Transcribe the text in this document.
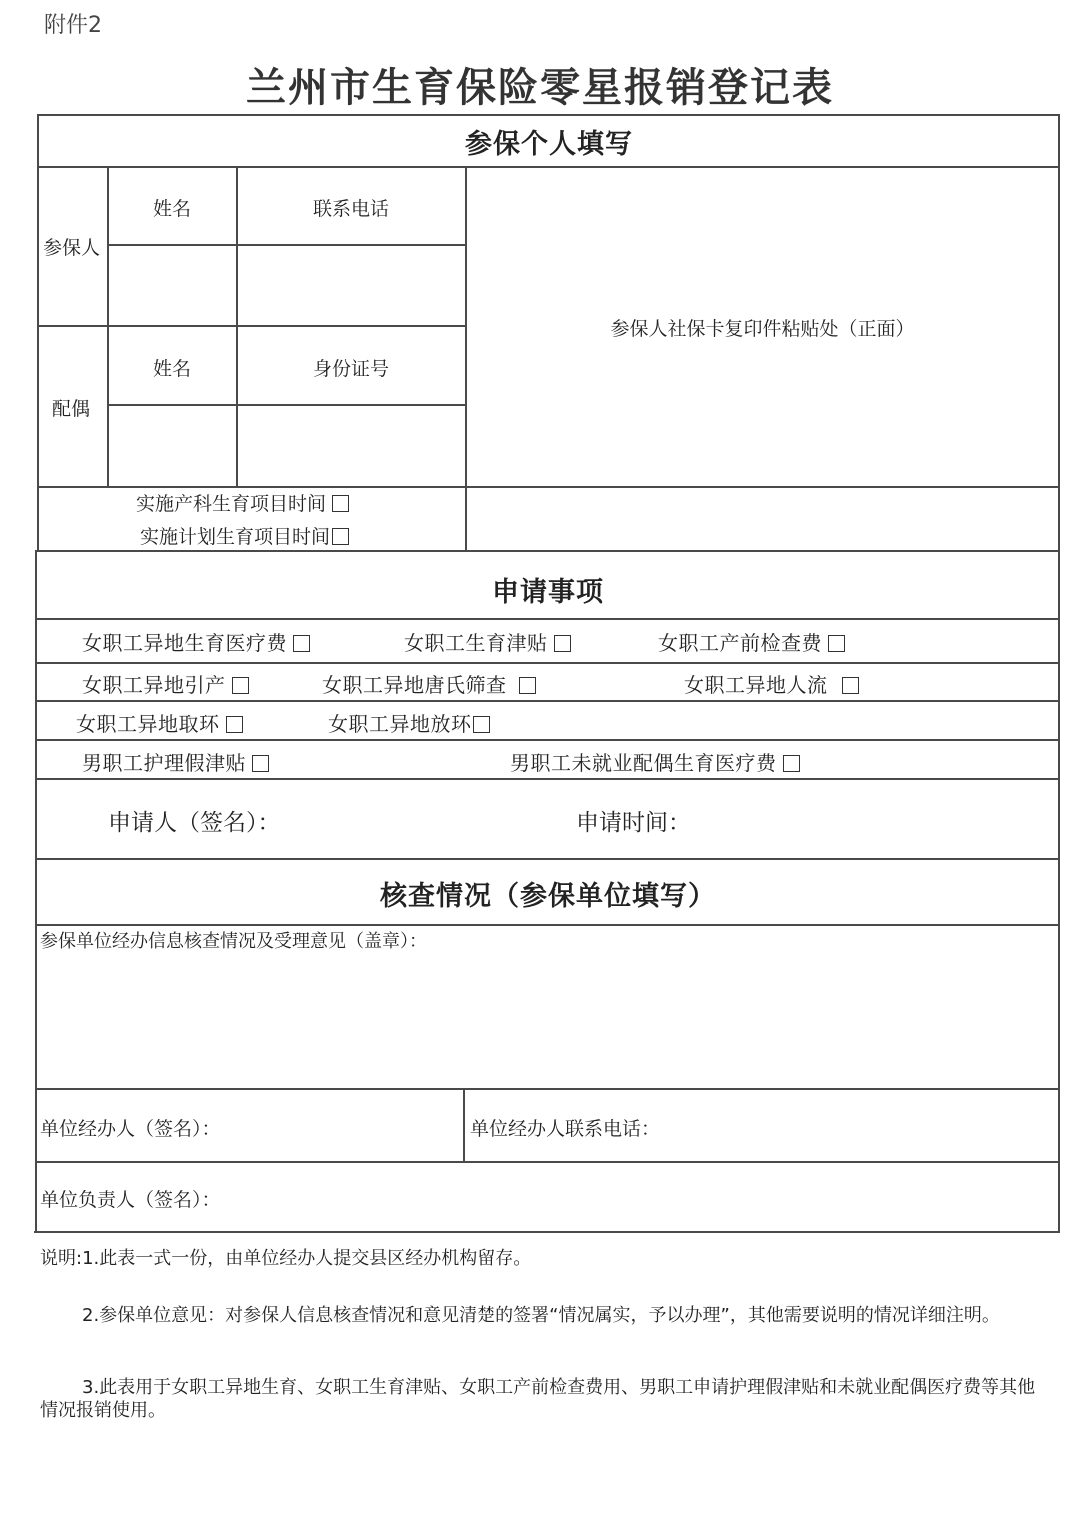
附件2
兰州市生育保险零星报销登记表
参保个人填写
参保人
姓名	联系电话
配偶
姓名	身份证号
参保人社保卡复印件粘贴处（正面）
实施产科生育项目时间
实施计划生育项目时间
申请事项
女职工异地生育医疗费	女职工生育津贴	女职工产前检查费
女职工异地引产	女职工异地唐氏筛查	女职工异地人流
女职工异地取环	女职工异地放环
男职工护理假津贴	男职工未就业配偶生育医疗费
申请人（签名）：	申请时间：
核查情况（参保单位填写）
参保单位经办信息核查情况及受理意见（盖章）：
单位经办人（签名）：	单位经办人联系电话：
单位负责人（签名）：
说明:1.此表一式一份，由单位经办人提交县区经办机构留存。
2.参保单位意见：对参保人信息核查情况和意见清楚的签署“情况属实，予以办理”，其他需要说明的情况详细注明。
3.此表用于女职工异地生育、女职工生育津贴、女职工产前检查费用、男职工申请护理假津贴和未就业配偶医疗费等其他情况报销使用。
